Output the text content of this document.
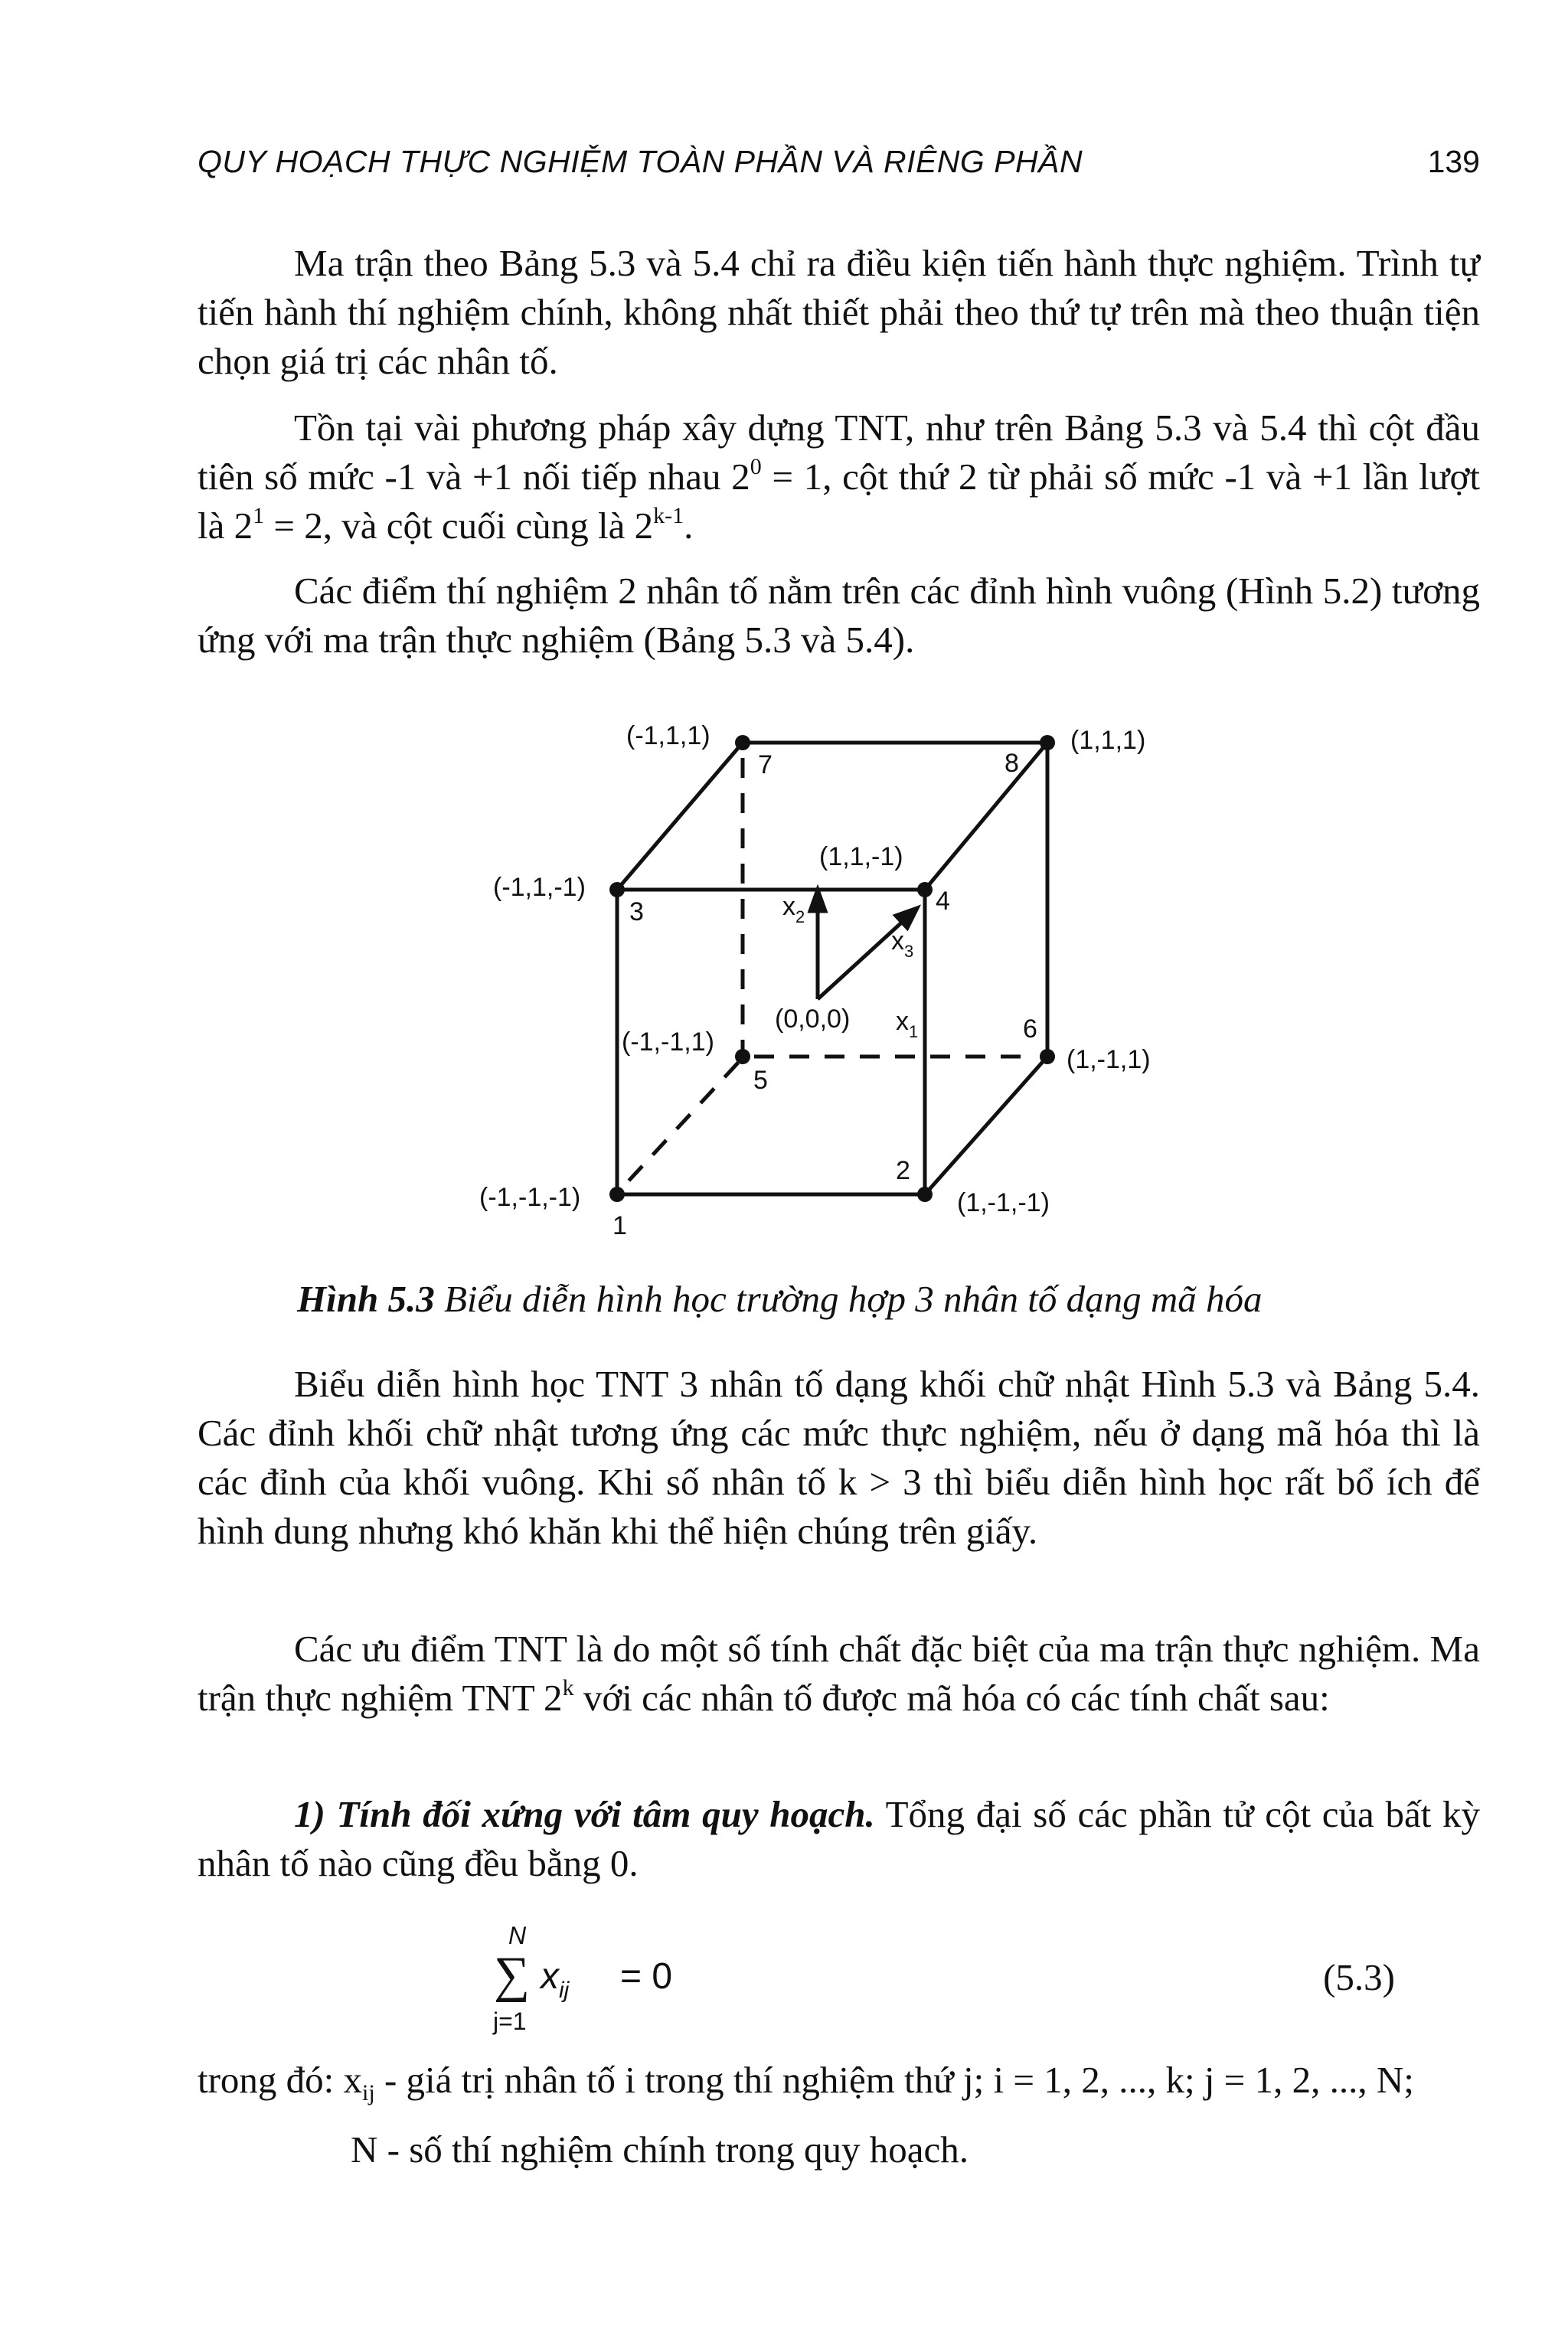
QUY HOẠCH THỰC NGHIỆM TOÀN PHẦN VÀ RIÊNG PHẦN	139

Ma trận theo Bảng 5.3 và 5.4 chỉ ra điều kiện tiến hành thực nghiệm. Trình tự tiến hành thí nghiệm chính, không nhất thiết phải theo thứ tự trên mà theo thuận tiện chọn giá trị các nhân tố.

Tồn tại vài phương pháp xây dựng TNT, như trên Bảng 5.3 và 5.4 thì cột đầu tiên số mức -1 và +1 nối tiếp nhau $2^0 = 1$, cột thứ 2 từ phải số mức -1 và +1 lần lượt là $2^1 = 2$, và cột cuối cùng là 2$^{k-1}$.

Các điểm thí nghiệm 2 nhân tố nằm trên các đỉnh hình vuông (Hình 5.2) tương ứng với ma trận thực nghiệm (Bảng 5.3 và 5.4).

(-1,-1,-1)
1
(1,-1,-1)
2
(-1,1,-1)
3
(1,1,-1)
4
(-1,-1,1)
5
(1,-1,1)
6
(-1,1,1)
7
(1,1,1)
8
(0,0,0)
$x_2$
$x_3$
$x_1$
Hình 5.3 Biểu diễn hình học trường hợp 3 nhân tố dạng mã hóa

Biểu diễn hình học TNT 3 nhân tố dạng khối chữ nhật Hình 5.3 và Bảng 5.4. Các đỉnh khối chữ nhật tương ứng các mức thực nghiệm, nếu ở dạng mã hóa thì là các đỉnh của khối vuông. Khi số nhân tố k > 3 thì biểu diễn hình học rất bổ ích để hình dung nhưng khó khăn khi thể hiện chúng trên giấy.

Các ưu điểm TNT là do một số tính chất đặc biệt của ma trận thực nghiệm. Ma trận thực nghiệm TNT 2$^k$ với các nhân tố được mã hóa có các tính chất sau:

1) Tính đối xứng với tâm quy hoạch. Tổng đại số các phần tử cột của bất kỳ nhân tố nào cũng đều bằng 0.

N
∑
j=1
$x_{ij} = 0$	(5.3)

trong đó: $x_{ij}$ - giá trị nhân tố i trong thí nghiệm thứ j; i = 1, 2, ..., k; j = 1, 2, ..., N;

N - số thí nghiệm chính trong quy hoạch.
